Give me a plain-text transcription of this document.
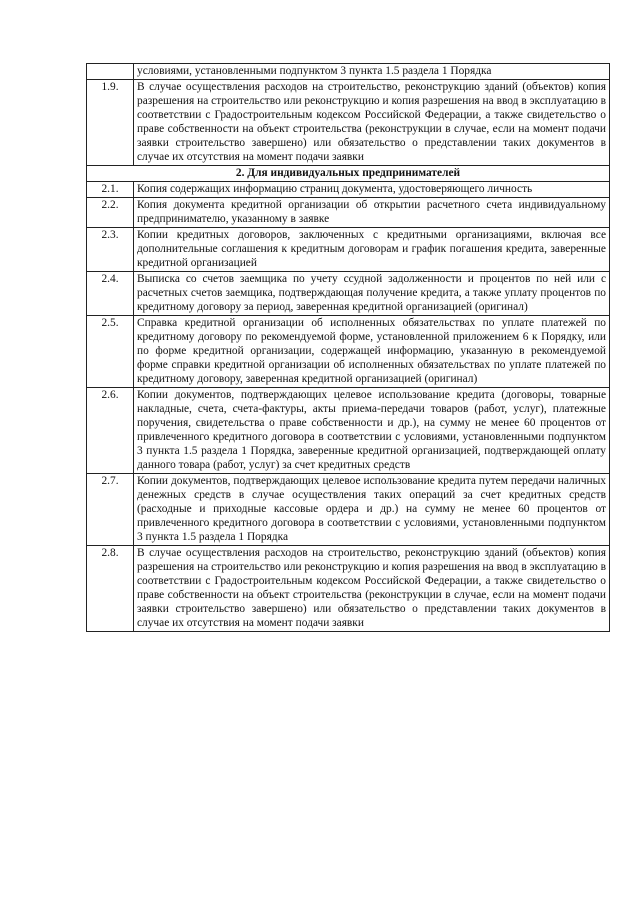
	условиями, установленными подпунктом 3 пункта 1.5 раздела 1 Порядка
1.9.	В случае осуществления расходов на строительство, реконструкцию зданий (объектов) копия разрешения на строительство или реконструкцию и копия разрешения на ввод в эксплуатацию в соответствии с Градостроительным кодексом Российской Федерации, а также свидетельство о праве собственности на объект строительства (реконструкции в случае, если на момент подачи заявки строительство завершено) или обязательство о представлении таких документов в случае их отсутствия на момент подачи заявки
2. Для индивидуальных предпринимателей	
2.1.	Копия содержащих информацию страниц документа, удостоверяющего личность
2.2.	Копия документа кредитной организации об открытии расчетного счета индивидуальному предпринимателю, указанному в заявке
2.3.	Копии кредитных договоров, заключенных с кредитными организациями, включая все дополнительные соглашения к кредитным договорам и график погашения кредита, заверенные кредитной организацией
2.4.	Выписка со счетов заемщика по учету ссудной задолженности и процентов по ней или с расчетных счетов заемщика, подтверждающая получение кредита, а также уплату процентов по кредитному договору за период, заверенная кредитной организацией (оригинал)
2.5.	Справка кредитной организации об исполненных обязательствах по уплате платежей по кредитному договору по рекомендуемой форме, установленной приложением 6 к Порядку, или по форме кредитной организации, содержащей информацию, указанную в рекомендуемой форме справки кредитной организации об исполненных обязательствах по уплате платежей по кредитному договору, заверенная кредитной организацией (оригинал)
2.6.	Копии документов, подтверждающих целевое использование кредита (договоры, товарные накладные, счета, счета-фактуры, акты приема-передачи товаров (работ, услуг), платежные поручения, свидетельства о праве собственности и др.), на сумму не менее 60 процентов от привлеченного кредитного договора в соответствии с условиями, установленными подпунктом 3 пункта 1.5 раздела 1 Порядка, заверенные кредитной организацией, подтверждающей оплату данного товара (работ, услуг) за счет кредитных средств
2.7.	Копии документов, подтверждающих целевое использование кредита путем передачи наличных денежных средств в случае осуществления таких операций за счет кредитных средств (расходные и приходные кассовые ордера и др.) на сумму не менее 60 процентов от привлеченного кредитного договора в соответствии с условиями, установленными подпунктом 3 пункта 1.5 раздела 1 Порядка
2.8.	В случае осуществления расходов на строительство, реконструкцию зданий (объектов) копия разрешения на строительство или реконструкцию и копия разрешения на ввод в эксплуатацию в соответствии с Градостроительным кодексом Российской Федерации, а также свидетельство о праве собственности на объект строительства (реконструкции в случае, если на момент подачи заявки строительство завершено) или обязательство о представлении таких документов в случае их отсутствия на момент подачи заявки
